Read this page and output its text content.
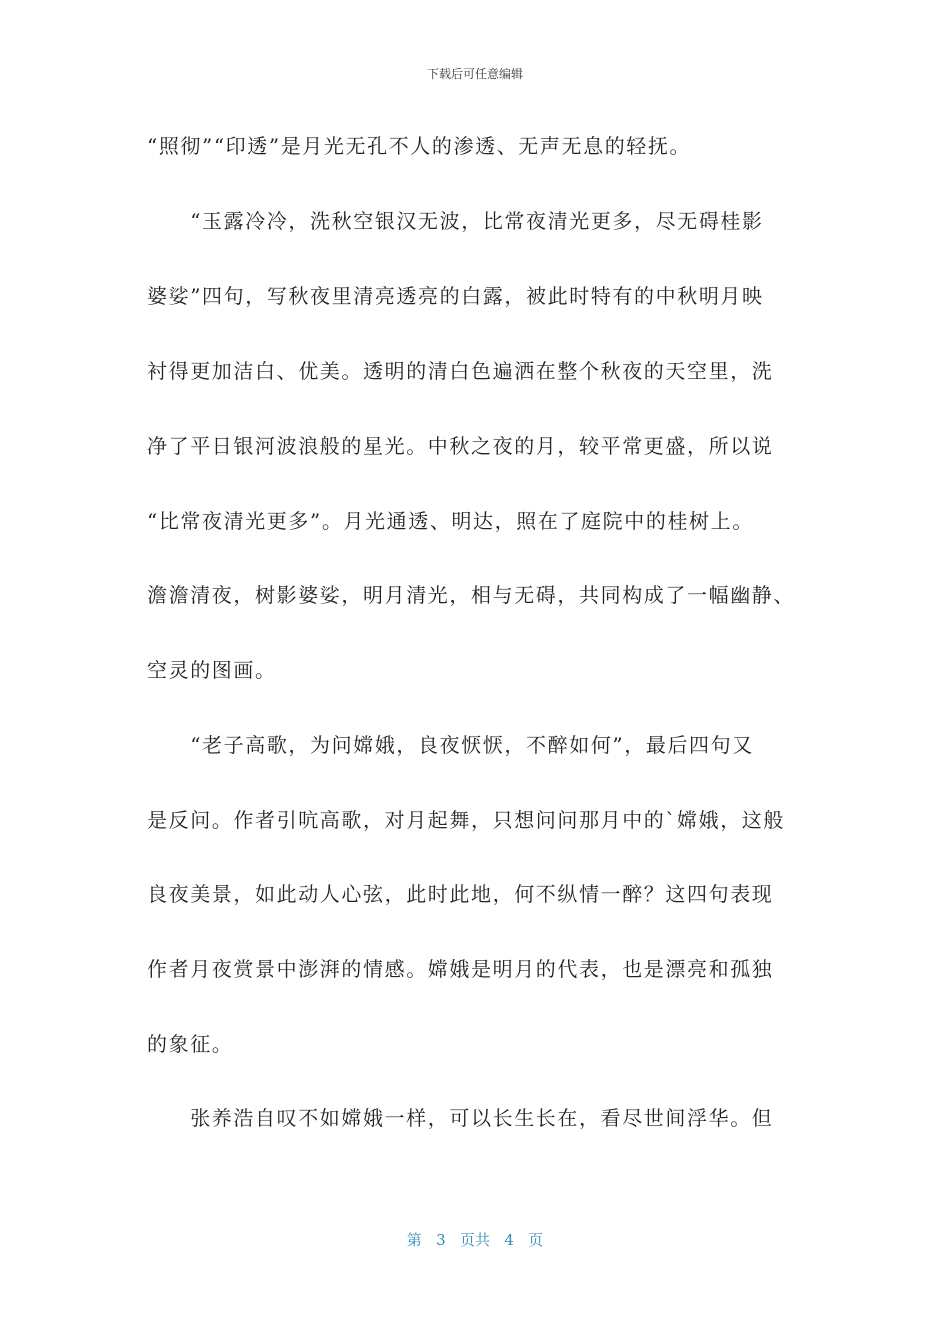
下载后可任意编辑
“照彻”“印透”是月光无孔不人的渗透、无声无息的轻抚。
　　“玉露冷冷，洗秋空银汉无波，比常夜清光更多，尽无碍桂影
婆娑”四句，写秋夜里清亮透亮的白露，被此时特有的中秋明月映
衬得更加洁白、优美。透明的清白色遍洒在整个秋夜的天空里，洗
净了平日银河波浪般的星光。中秋之夜的月，较平常更盛，所以说
“比常夜清光更多”。月光通透、明达，照在了庭院中的桂树上。
澹澹清夜，树影婆娑，明月清光，相与无碍，共同构成了一幅幽静、
空灵的图画。
　　“老子高歌，为问嫦娥，良夜恹恹，不醉如何”，最后四句又
是反问。作者引吭高歌，对月起舞，只想问问那月中的`嫦娥，这般
良夜美景，如此动人心弦，此时此地，何不纵情一醉？这四句表现
作者月夜赏景中澎湃的情感。嫦娥是明月的代表，也是漂亮和孤独
的象征。
　　张养浩自叹不如嫦娥一样，可以长生长在，看尽世间浮华。但
第 3 页共 4 页
